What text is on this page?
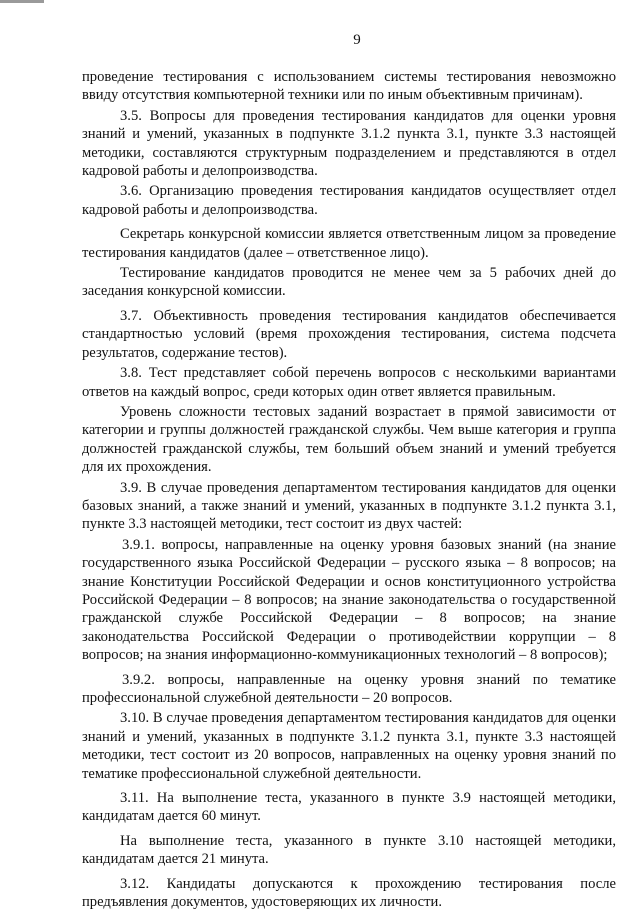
9

проведение тестирования с использованием системы тестирования невозможно ввиду отсутствия компьютерной техники или по иным объективным причинам).

3.5. Вопросы для проведения тестирования кандидатов для оценки уровня знаний и умений, указанных в подпункте 3.1.2 пункта 3.1, пункте 3.3 настоящей методики, составляются структурным подразделением и представляются в отдел кадровой работы и делопроизводства.

3.6. Организацию проведения тестирования кандидатов осуществляет отдел кадровой работы и делопроизводства.

Секретарь конкурсной комиссии является ответственным лицом за проведение тестирования кандидатов (далее – ответственное лицо).

Тестирование кандидатов проводится не менее чем за 5 рабочих дней до заседания конкурсной комиссии.

3.7. Объективность проведения тестирования кандидатов обеспечивается стандартностью условий (время прохождения тестирования, система подсчета результатов, содержание тестов).

3.8. Тест представляет собой перечень вопросов с несколькими вариантами ответов на каждый вопрос, среди которых один ответ является правильным.

Уровень сложности тестовых заданий возрастает в прямой зависимости от категории и группы должностей гражданской службы. Чем выше категория и группа должностей гражданской службы, тем больший объем знаний и умений требуется для их прохождения.

3.9. В случае проведения департаментом тестирования кандидатов для оценки базовых знаний, а также знаний и умений, указанных в подпункте 3.1.2 пункта 3.1, пункте 3.3 настоящей методики, тест состоит из двух частей:

3.9.1. вопросы, направленные на оценку уровня базовых знаний (на знание государственного языка Российской Федерации – русского языка – 8 вопросов; на знание Конституции Российской Федерации и основ конституционного устройства Российской Федерации – 8 вопросов; на знание законодательства о государственной гражданской службе Российской Федерации – 8 вопросов; на знание законодательства Российской Федерации о противодействии коррупции – 8 вопросов; на знания информационно-коммуникационных технологий – 8 вопросов);

3.9.2. вопросы, направленные на оценку уровня знаний по тематике профессиональной служебной деятельности – 20 вопросов.

3.10. В случае проведения департаментом тестирования кандидатов для оценки знаний и умений, указанных в подпункте 3.1.2 пункта 3.1, пункте 3.3 настоящей методики, тест состоит из 20 вопросов, направленных на оценку уровня знаний по тематике профессиональной служебной деятельности.

3.11. На выполнение теста, указанного в пункте 3.9 настоящей методики, кандидатам дается 60 минут.

На выполнение теста, указанного в пункте 3.10 настоящей методики, кандидатам дается 21 минута.

3.12. Кандидаты допускаются к прохождению тестирования после предъявления документов, удостоверяющих их личности.
